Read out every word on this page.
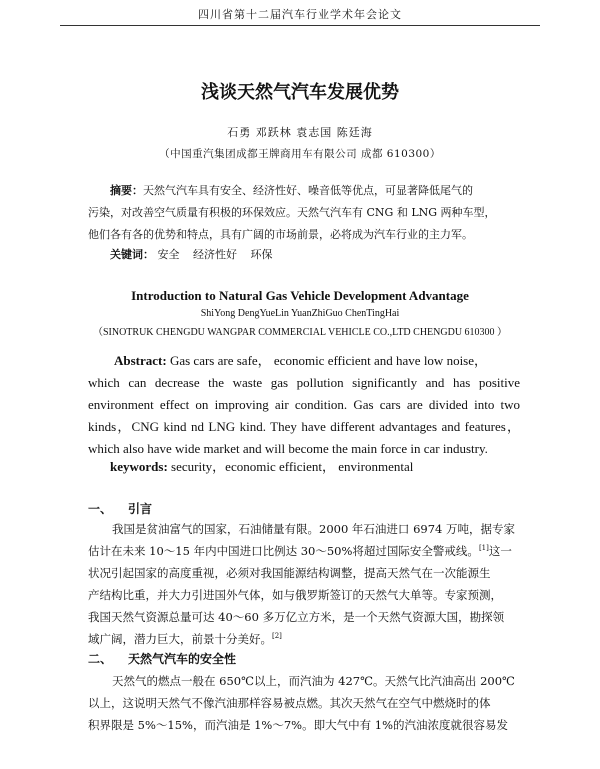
四川省第十二届汽车行业学术年会论文
浅谈天然气汽车发展优势
石勇 邓跃林 袁志国 陈廷海
（中国重汽集团成都王牌商用车有限公司 成都 610300）
摘要：天然气汽车具有安全、经济性好、噪音低等优点，可显著降低尾气的
污染，对改善空气质量有积极的环保效应。天然气汽车有 CNG 和 LNG 两种车型，
他们各有各的优势和特点，具有广阔的市场前景，必将成为汽车行业的主力军。
关键词： 安全 经济性好 环保
Introduction to Natural Gas Vehicle Development Advantage
ShiYong DengYueLin YuanZhiGuo ChenTingHai
（SINOTRUK CHENGDU WANGPAR COMMERCIAL VEHICLE CO.,LTD CHENGDU 610300 ）
Abstract: Gas cars are safe， economic efficient and have low noise，
which can decrease the waste gas pollution significantly and has positive
environment effect on improving air condition. Gas cars are divided into two
kinds，CNG kind nd LNG kind. They have different advantages and features，
which also have wide market and will become the main force in car industry.
keywords: security，economic efficient， environmental
一、 引言
我国是贫油富气的国家，石油储量有限。2000 年石油进口 6974 万吨，据专家
估计在未来 10～15 年内中国进口比例达 30～50%将超过国际安全警戒线。[1]这一
状况引起国家的高度重视，必须对我国能源结构调整，提高天然气在一次能源生
产结构比重，并大力引进国外气体，如与俄罗斯签订的天然气大单等。专家预测，
我国天然气资源总量可达 40～60 多万亿立方米，是一个天然气资源大国，勘探领
域广阔，潜力巨大，前景十分美好。[2]
二、 天然气汽车的安全性
天然气的燃点一般在 650℃以上，而汽油为 427℃。天然气比汽油高出 200℃
以上，这说明天然气不像汽油那样容易被点燃。其次天然气在空气中燃烧时的体
积界限是 5%～15%，而汽油是 1%～7%。即大气中有 1%的汽油浓度就很容易发
